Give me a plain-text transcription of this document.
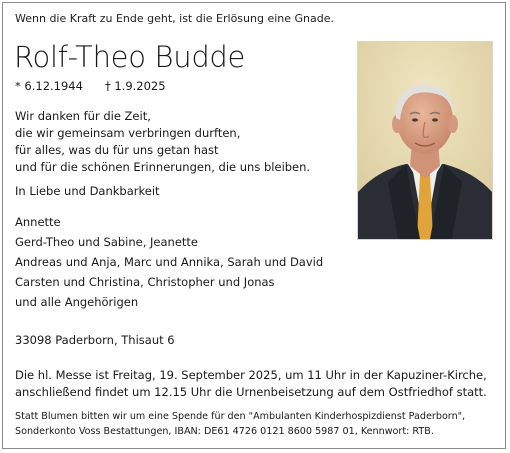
Wenn die Kraft zu Ende geht, ist die Erlösung eine Gnade.
Rolf-Theo Budde
* 6.12.1944 † 1.9.2025
Wir danken für die Zeit,
die wir gemeinsam verbringen durften,
für alles, was du für uns getan hast
und für die schönen Erinnerungen, die uns bleiben.
In Liebe und Dankbarkeit
Annette
Gerd-Theo und Sabine, Jeanette
Andreas und Anja, Marc und Annika, Sarah und David
Carsten und Christina, Christopher und Jonas
und alle Angehörigen
33098 Paderborn, Thisaut 6
Die hl. Messe ist Freitag, 19. September 2025, um 11 Uhr in der Kapuziner-Kirche,
anschließend findet um 12.15 Uhr die Urnenbeisetzung auf dem Ostfriedhof statt.
Statt Blumen bitten wir um eine Spende für den "Ambulanten Kinderhospizdienst Paderborn",
Sonderkonto Voss Bestattungen, IBAN: DE61 4726 0121 8600 5987 01, Kennwort: RTB.
